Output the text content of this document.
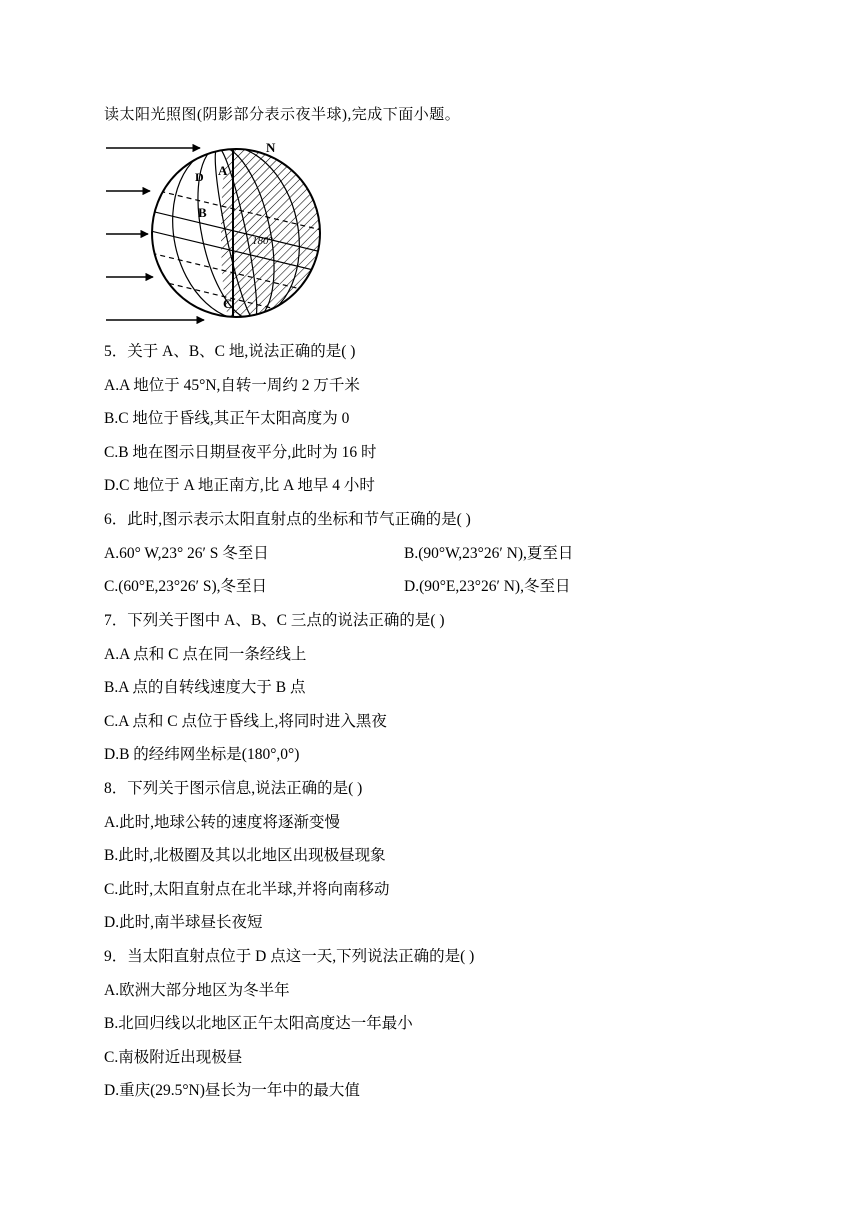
读太阳光照图(阴影部分表示夜半球),完成下面小题。
N
A
D
B
C
180°
5．关于 A、B、C 地,说法正确的是( )
A.A 地位于 45°N,自转一周约 2 万千米
B.C 地位于昏线,其正午太阳高度为 0
C.B 地在图示日期昼夜平分,此时为 16 时
D.C 地位于 A 地正南方,比 A 地早 4 小时
6．此时,图示表示太阳直射点的坐标和节气正确的是( )
A.60° W,23° 26′ S 冬至日	B.(90°W,23°26′ N),夏至日
C.(60°E,23°26′ S),冬至日	D.(90°E,23°26′ N),冬至日
7．下列关于图中 A、B、C 三点的说法正确的是( )
A.A 点和 C 点在同一条经线上
B.A 点的自转线速度大于 B 点
C.A 点和 C 点位于昏线上,将同时进入黑夜
D.B 的经纬网坐标是(180°,0°)
8．下列关于图示信息,说法正确的是( )
A.此时,地球公转的速度将逐渐变慢
B.此时,北极圈及其以北地区出现极昼现象
C.此时,太阳直射点在北半球,并将向南移动
D.此时,南半球昼长夜短
9．当太阳直射点位于 D 点这一天,下列说法正确的是( )
A.欧洲大部分地区为冬半年
B.北回归线以北地区正午太阳高度达一年最小
C.南极附近出现极昼
D.重庆(29.5°N)昼长为一年中的最大值
